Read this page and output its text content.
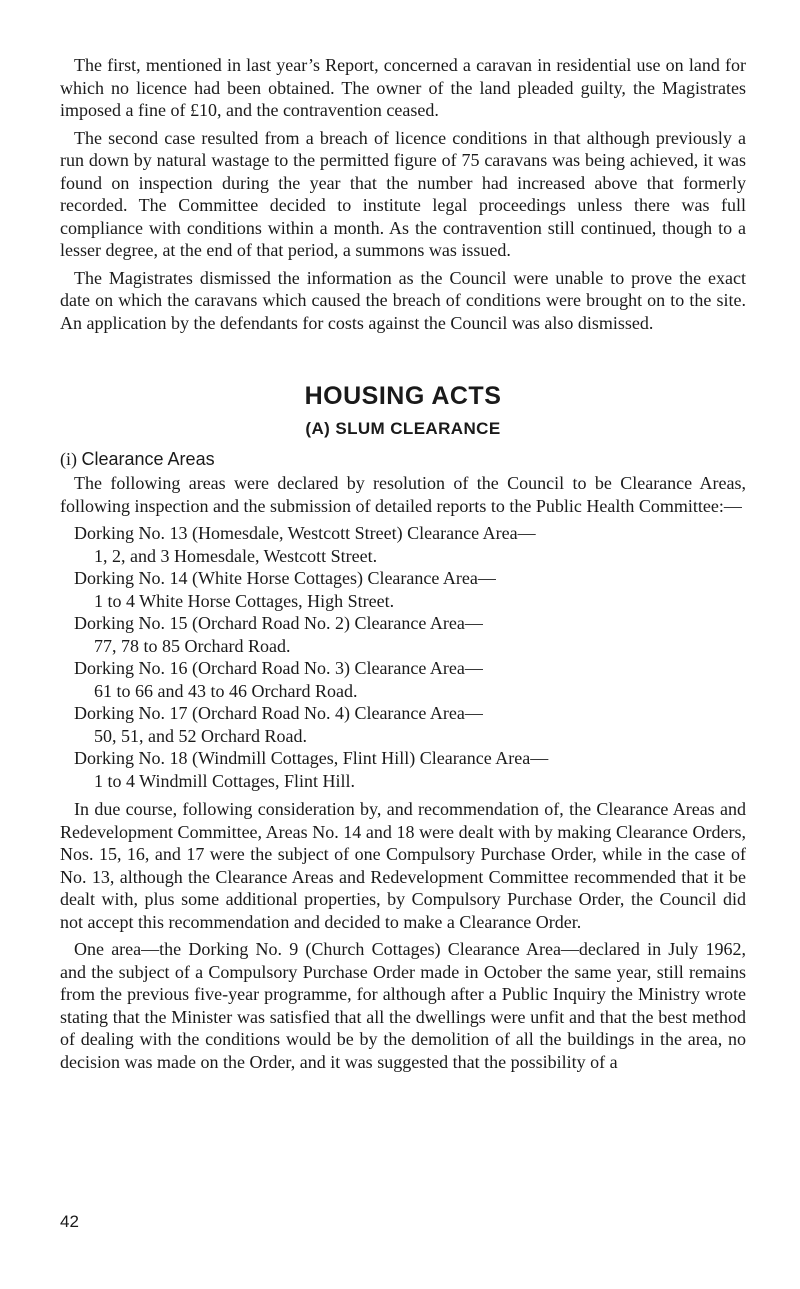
The first, mentioned in last year’s Report, concerned a caravan in residential use on land for which no licence had been obtained. The owner of the land pleaded guilty, the Magistrates imposed a fine of £10, and the contravention ceased.

The second case resulted from a breach of licence conditions in that although previously a run down by natural wastage to the permitted figure of 75 caravans was being achieved, it was found on inspection during the year that the number had increased above that formerly recorded. The Committee decided to institute legal proceedings unless there was full compliance with conditions within a month. As the contravention still continued, though to a lesser degree, at the end of that period, a summons was issued.

The Magistrates dismissed the information as the Council were unable to prove the exact date on which the caravans which caused the breach of conditions were brought on to the site. An application by the defendants for costs against the Council was also dismissed.

HOUSING ACTS
(A) SLUM CLEARANCE
(i) Clearance Areas

The following areas were declared by resolution of the Council to be Clearance Areas, following inspection and the submission of detailed reports to the Public Health Committee:—

Dorking No. 13 (Homesdale, Westcott Street) Clearance Area—
1, 2, and 3 Homesdale, Westcott Street.
Dorking No. 14 (White Horse Cottages) Clearance Area—
1 to 4 White Horse Cottages, High Street.
Dorking No. 15 (Orchard Road No. 2) Clearance Area—
77, 78 to 85 Orchard Road.
Dorking No. 16 (Orchard Road No. 3) Clearance Area—
61 to 66 and 43 to 46 Orchard Road.
Dorking No. 17 (Orchard Road No. 4) Clearance Area—
50, 51, and 52 Orchard Road.
Dorking No. 18 (Windmill Cottages, Flint Hill) Clearance Area—
1 to 4 Windmill Cottages, Flint Hill.

In due course, following consideration by, and recommendation of, the Clearance Areas and Redevelopment Committee, Areas No. 14 and 18 were dealt with by making Clearance Orders, Nos. 15, 16, and 17 were the subject of one Compulsory Purchase Order, while in the case of No. 13, although the Clearance Areas and Redevelopment Committee recommended that it be dealt with, plus some additional properties, by Compulsory Purchase Order, the Council did not accept this recommendation and decided to make a Clearance Order.

One area—the Dorking No. 9 (Church Cottages) Clearance Area—declared in July 1962, and the subject of a Compulsory Purchase Order made in October the same year, still remains from the previous five-year programme, for although after a Public Inquiry the Ministry wrote stating that the Minister was satisfied that all the dwellings were unfit and that the best method of dealing with the conditions would be by the demolition of all the buildings in the area, no decision was made on the Order, and it was suggested that the possibility of a

42
